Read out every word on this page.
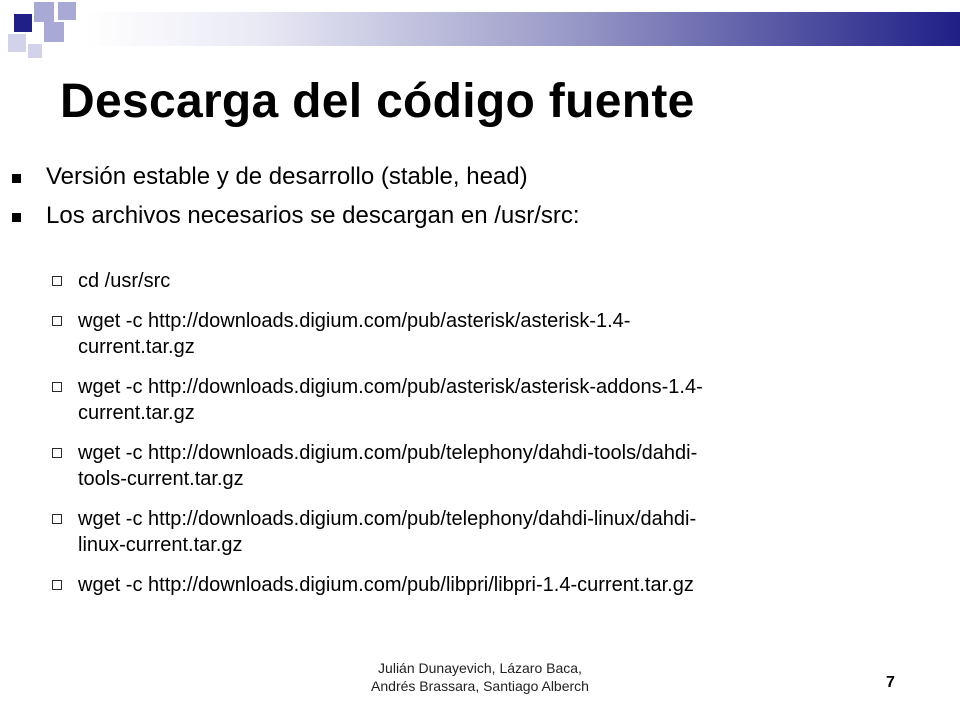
Descarga del código fuente
Versión estable y de desarrollo (stable, head)
Los archivos necesarios se descargan en /usr/src:
cd /usr/src
wget -c http://downloads.digium.com/pub/asterisk/asterisk-1.4-
current.tar.gz
wget -c http://downloads.digium.com/pub/asterisk/asterisk-addons-1.4-
current.tar.gz
wget -c http://downloads.digium.com/pub/telephony/dahdi-tools/dahdi-
tools-current.tar.gz
wget -c http://downloads.digium.com/pub/telephony/dahdi-linux/dahdi-
linux-current.tar.gz
wget -c http://downloads.digium.com/pub/libpri/libpri-1.4-current.tar.gz
Julián Dunayevich, Lázaro Baca,
Andrés Brassara, Santiago Alberch	7
